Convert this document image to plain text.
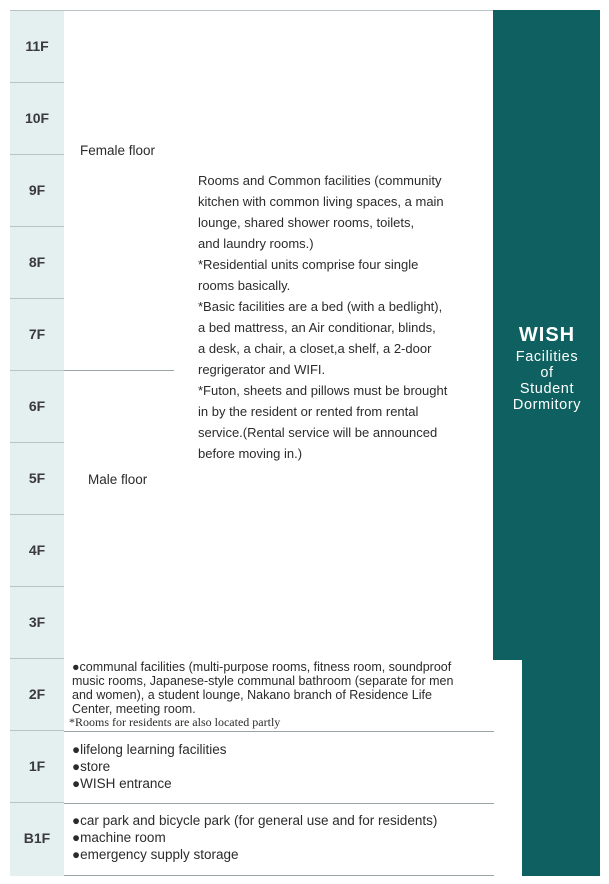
11F
10F
9F
8F
7F
6F
5F
4F
3F
2F
1F
B1F
WISH
Facilities
of
Student
Dormitory
Female floor
Male floor
Rooms and Common facilities (community
kitchen with common living spaces, a main
lounge, shared shower rooms, toilets,
and laundry rooms.)
*Residential units comprise four single
rooms basically.
*Basic facilities are a bed (with a bedlight),
a bed mattress, an Air conditionar, blinds,
a desk, a chair, a closet,a shelf, a 2-door
regrigerator and WIFI.
*Futon, sheets and pillows must be brought
in by the resident or rented from rental
service.(Rental service will be announced
before moving in.)
●communal facilities (multi-purpose rooms, fitness room, soundproof
music rooms, Japanese-style communal bathroom (separate for men
and women), a student lounge, Nakano branch of Residence Life
Center, meeting room.
*Rooms for residents are also located partly
●lifelong learning facilities
●store
●WISH entrance
●car park and bicycle park (for general use and for residents)
●machine room
●emergency supply storage
